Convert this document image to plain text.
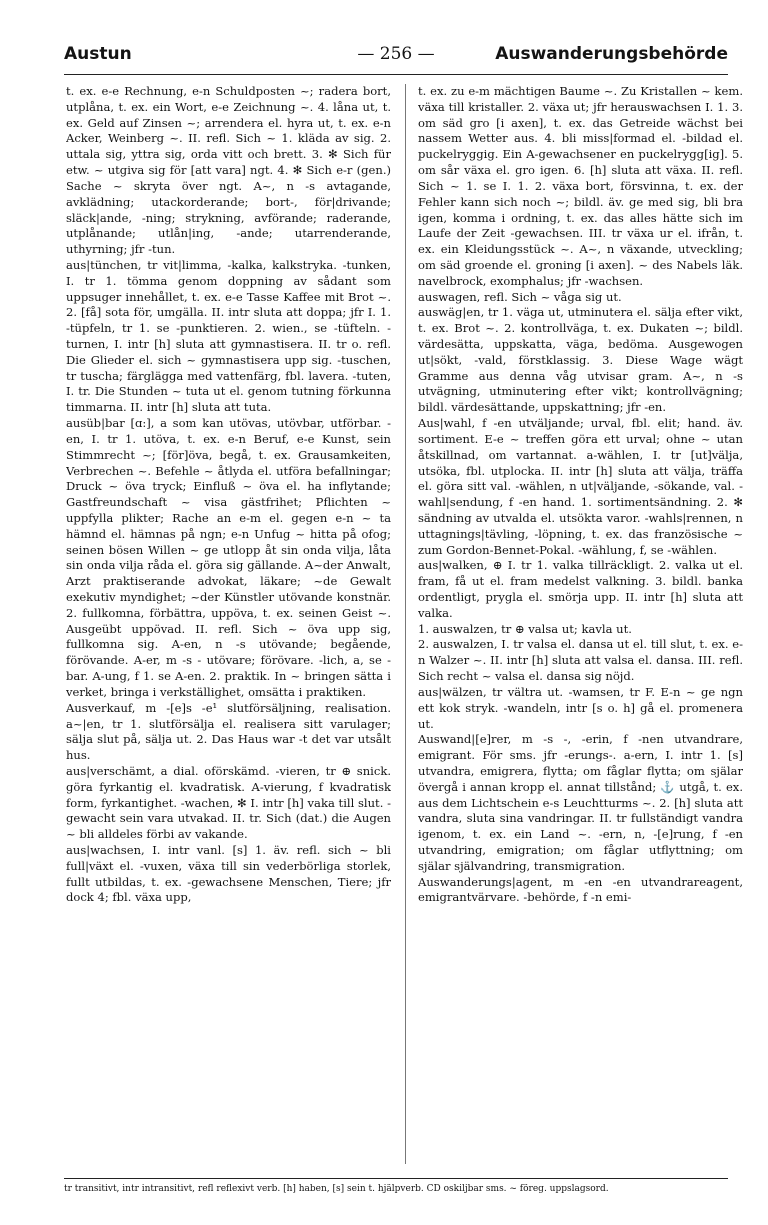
— 256 —
Austun	Auswanderungsbehörde

t. ex. e-e Rechnung, e-n Schuldposten ~; radera bort, utplåna, t. ex. ein Wort, e-e Zeichnung ~. 4. låna ut, t. ex. Geld auf Zinsen ~; arrendera el. hyra ut, t. ex. e-n Acker, Weinberg ~. II. refl. Sich ~ 1. kläda av sig. 2. uttala sig, yttra sig, orda vitt och brett. 3. ✻ Sich für etw. ~ utgiva sig för [att vara] ngt. 4. ✻ Sich e-r (gen.) Sache ~ skryta över ngt. A~, n -s avtagande, avklädning; utackorderande; bort-, för|drivande; släck|ande, -ning; strykning, avförande; raderande, utplånande; utlån|ing, -ande; utarrenderande, uthyrning; jfr -tun.

aus|tünchen, tr vit|limma, -kalka, kalkstryka. -tunken, I. tr 1. tömma genom doppning av sådant som uppsuger innehållet, t. ex. e-e Tasse Kaffee mit Brot ~. 2. [få] sota för, umgälla. II. intr sluta att doppa; jfr I. 1. -tüpfeln, tr 1. se -punktieren. 2. wien., se -tüfteln. -turnen, I. intr [h] sluta att gymnastisera. II. tr o. refl. Die Glieder el. sich ~ gymnastisera upp sig. -tuschen, tr tuscha; färglägga med vattenfärg, fbl. lavera. -tuten, I. tr. Die Stunden ~ tuta ut el. genom tutning förkunna timmarna. II. intr [h] sluta att tuta.

ausüb|bar [ɑ:], a som kan utövas, utövbar, utförbar. -en, I. tr 1. utöva, t. ex. e-n Beruf, e-e Kunst, sein Stimmrecht ~; [för]öva, begå, t. ex. Grausamkeiten, Verbrechen ~. Befehle ~ åtlyda el. utföra befallningar; Druck ~ öva tryck; Einfluß ~ öva el. ha inflytande; Gastfreundschaft ~ visa gästfrihet; Pflichten ~ uppfylla plikter; Rache an e-m el. gegen e-n ~ ta hämnd el. hämnas på ngn; e-n Unfug ~ hitta på ofog; seinen bösen Willen ~ ge utlopp åt sin onda vilja, låta sin onda vilja råda el. göra sig gällande. A~der Anwalt, Arzt praktiserande advokat, läkare; ~de Gewalt exekutiv myndighet; ~der Künstler utövande konstnär. 2. fullkomna, förbättra, uppöva, t. ex. seinen Geist ~. Ausgeübt uppövad. II. refl. Sich ~ öva upp sig, fullkomna sig. A-en, n -s utövande; begående, förövande. A-er, m -s - utövare; förövare. -lich, a, se -bar. A-ung, f 1. se A-en. 2. praktik. In ~ bringen sätta i verket, bringa i verkställighet, omsätta i praktiken.

Ausverkauf, m -[e]s -e¹ slutförsäljning, realisation. a~|en, tr 1. slutförsälja el. realisera sitt varulager; sälja slut på, sälja ut. 2. Das Haus war -t det var utsålt hus.

aus|verschämt, a dial. oförskämd. -vieren, tr ⊕ snick. göra fyrkantig el. kvadratisk. A-vierung, f kvadratisk form, fyrkantighet. -wachen, ✻ I. intr [h] vaka till slut. -gewacht sein vara utvakad. II. tr. Sich (dat.) die Augen ~ bli alldeles förbi av vakande.

aus|wachsen, I. intr vanl. [s] 1. äv. refl. sich ~ bli full|växt el. -vuxen, växa till sin vederbörliga storlek, fullt utbildas, t. ex. -gewachsene Menschen, Tiere; jfr dock 4; fbl. växa upp,

t. ex. zu e-m mächtigen Baume ~. Zu Kristallen ~ kem. växa till kristaller. 2. växa ut; jfr herauswachsen I. 1. 3. om säd gro [i axen], t. ex. das Getreide wächst bei nassem Wetter aus. 4. bli miss|formad el. -bildad el. puckelryggig. Ein A-gewachsener en puckelrygg[ig]. 5. om sår växa el. gro igen. 6. [h] sluta att växa. II. refl. Sich ~ 1. se I. 1. 2. växa bort, försvinna, t. ex. der Fehler kann sich noch ~; bildl. äv. ge med sig, bli bra igen, komma i ordning, t. ex. das alles hätte sich im Laufe der Zeit -gewachsen. III. tr växa ur el. ifrån, t. ex. ein Kleidungsstück ~. A~, n växande, utveckling; om säd groende el. groning [i axen]. ~ des Nabels läk. navelbrock, exomphalus; jfr -wachsen.

auswagen, refl. Sich ~ våga sig ut.

auswäg|en, tr 1. väga ut, utminutera el. sälja efter vikt, t. ex. Brot ~. 2. kontrollväga, t. ex. Dukaten ~; bildl. värdesätta, uppskatta, väga, bedöma. Ausgewogen ut|sökt, -vald, förstklassig. 3. Diese Wage wägt Gramme aus denna våg utvisar gram. A~, n -s utvägning, utminutering efter vikt; kontrollvägning; bildl. värdesättande, uppskattning; jfr -en.

Aus|wahl, f -en utväljande; urval, fbl. elit; hand. äv. sortiment. E-e ~ treffen göra ett urval; ohne ~ utan åtskillnad, om vartannat. a-wählen, I. tr [ut]välja, utsöka, fbl. utplocka. II. intr [h] sluta att välja, träffa el. göra sitt val. -wählen, n ut|väljande, -sökande, val. -wahl|sendung, f -en hand. 1. sortimentsändning. 2. ✻ sändning av utvalda el. utsökta varor. -wahls|rennen, n uttagnings|tävling, -löpning, t. ex. das französische ~ zum Gordon-Bennet-Pokal. -wählung, f, se -wählen.

aus|walken, ⊕ I. tr 1. valka tillräckligt. 2. valka ut el. fram, få ut el. fram medelst valkning. 3. bildl. banka ordentligt, prygla el. smörja upp. II. intr [h] sluta att valka.

1. auswalzen, tr ⊕ valsa ut; kavla ut.

2. auswalzen, I. tr valsa el. dansa ut el. till slut, t. ex. e-n Walzer ~. II. intr [h] sluta att valsa el. dansa. III. refl. Sich recht ~ valsa el. dansa sig nöjd.

aus|wälzen, tr vältra ut. -wamsen, tr F. E-n ~ ge ngn ett kok stryk. -wandeln, intr [s o. h] gå el. promenera ut.

Auswand|[e]rer, m -s -, -erin, f -nen utvandrare, emigrant. För sms. jfr -erungs-. a-ern, I. intr 1. [s] utvandra, emigrera, flytta; om fåglar flytta; om själar övergå i annan kropp el. annat tillstånd; ⚓ utgå, t. ex. aus dem Lichtschein e-s Leuchtturms ~. 2. [h] sluta att vandra, sluta sina vandringar. II. tr fullständigt vandra igenom, t. ex. ein Land ~. -ern, n, -[e]rung, f -en utvandring, emigration; om fåglar utflyttning; om själar självandring, transmigration.

Auswanderungs|agent, m -en -en utvandrareagent, emigrantvärvare. -behörde, f -n emi-

tr transitivt, intr intransitivt, refl reflexivt verb. [h] haben, [s] sein t. hjälpverb. CD oskiljbar sms. ~ föreg. uppslagsord.
